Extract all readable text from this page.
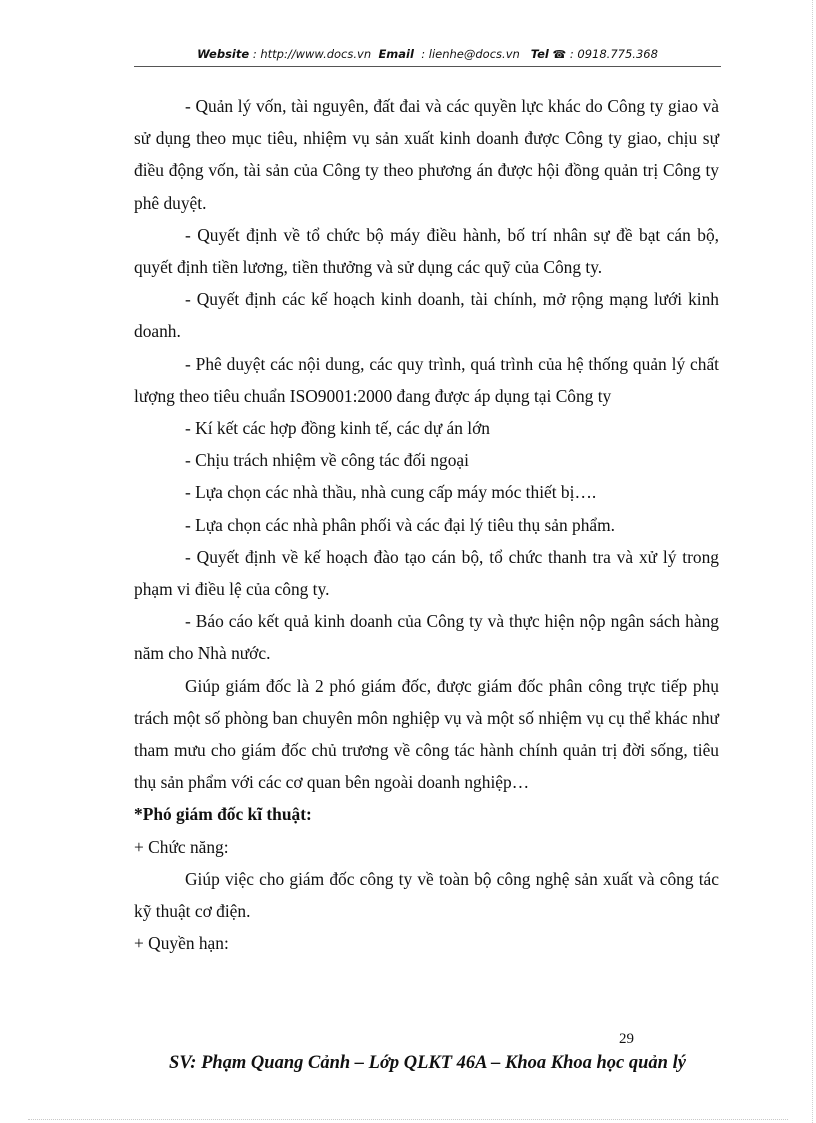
Website : http://www.docs.vn Email : lienhe@docs.vn Tel ☎ : 0918.775.368

- Quản lý vốn, tài nguyên, đất đai và các quyền lực khác do Công ty giao và sử dụng theo mục tiêu, nhiệm vụ sản xuất kinh doanh được Công ty giao, chịu sự điều động vốn, tài sản của Công ty theo phương án được hội đồng quản trị Công ty phê duyệt.

- Quyết định về tổ chức bộ máy điều hành, bố trí nhân sự đề bạt cán bộ, quyết định tiền lương, tiền thưởng và sử dụng các quỹ của Công ty.

- Quyết định các kế hoạch kinh doanh, tài chính, mở rộng mạng lưới kinh doanh.

- Phê duyệt các nội dung, các quy trình, quá trình của hệ thống quản lý chất lượng theo tiêu chuẩn ISO9001:2000 đang được áp dụng tại Công ty

- Kí kết các hợp đồng kinh tế, các dự án lớn

- Chịu trách nhiệm về công tác đối ngoại

- Lựa chọn các nhà thầu, nhà cung cấp máy móc thiết bị….

- Lựa chọn các nhà phân phối và các đại lý tiêu thụ sản phẩm.

- Quyết định về kế hoạch đào tạo cán bộ, tổ chức thanh tra và xử lý trong phạm vi điều lệ của công ty.

- Báo cáo kết quả kinh doanh của Công ty và thực hiện nộp ngân sách hàng năm cho Nhà nước.

Giúp giám đốc là 2 phó giám đốc, được giám đốc phân công trực tiếp phụ trách một số phòng ban chuyên môn nghiệp vụ và một số nhiệm vụ cụ thể khác như tham mưu cho giám đốc chủ trương về công tác hành chính quản trị đời sống, tiêu thụ sản phẩm với các cơ quan bên ngoài doanh nghiệp…

*Phó giám đốc kĩ thuật:

+ Chức năng:

Giúp việc cho giám đốc công ty về toàn bộ công nghệ sản xuất và công tác kỹ thuật cơ điện.

+ Quyền hạn:

29
SV: Phạm Quang Cảnh – Lớp QLKT 46A – Khoa Khoa học quản lý
